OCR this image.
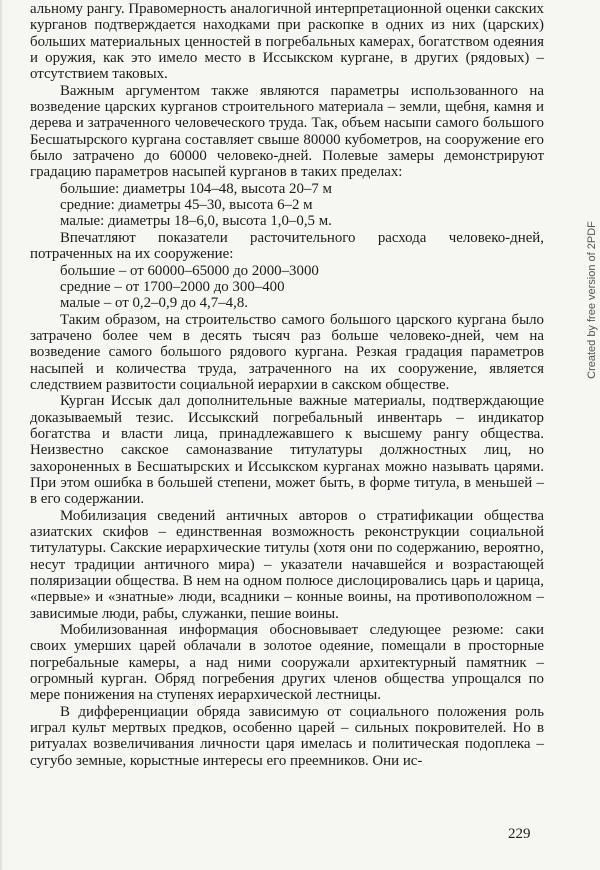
альному рангу. Правомерность аналогичной интерпретационной оценки сакских курганов подтверждается находками при раскопке в одних из них (царских) больших материальных ценностей в погребальных камерах, богатством одеяния и оружия, как это имело место в Иссыкском кургане, в других (рядовых) – отсутствием таковых.

Важным аргументом также являются параметры использованного на возведение царских курганов строительного материала – земли, щебня, камня и дерева и затраченного человеческого труда. Так, объем насыпи самого большого Бесшатырского кургана составляет свыше 80000 кубометров, на сооружение его было затрачено до 60000 человеко-дней. Полевые замеры демонстрируют градацию параметров насыпей курганов в таких пределах:

большие: диаметры 104–48, высота 20–7 м

средние: диаметры 45–30, высота 6–2 м

малые: диаметры 18–6,0, высота 1,0–0,5 м.

Впечатляют показатели расточительного расхода человеко-дней, потраченных на их сооружение:

большие – от 60000–65000 до 2000–3000

средние – от 1700–2000 до 300–400

малые – от 0,2–0,9 до 4,7–4,8.

Таким образом, на строительство самого большого царского кургана было затрачено более чем в десять тысяч раз больше человеко-дней, чем на возведение самого большого рядового кургана. Резкая градация параметров насыпей и количества труда, затраченного на их сооружение, является следствием развитости социальной иерархии в сакском обществе.

Курган Иссык дал дополнительные важные материалы, подтверждающие доказываемый тезис. Иссыкский погребальный инвентарь – индикатор богатства и власти лица, принадлежавшего к высшему рангу общества. Неизвестно сакское самоназвание титулатуры должностных лиц, но захороненных в Бесшатырских и Иссыкском курганах можно называть царями. При этом ошибка в большей степени, может быть, в форме титула, в меньшей – в его содержании.

Мобилизация сведений античных авторов о стратификации общества азиатских скифов – единственная возможность реконструкции социальной титулатуры. Сакские иерархические титулы (хотя они по содержанию, вероятно, несут традиции античного мира) – указатели начавшейся и возрастающей поляризации общества. В нем на одном полюсе дислоцировались царь и царица, «первые» и «знатные» люди, всадники – конные воины, на противоположном – зависимые люди, рабы, служанки, пешие воины.

Мобилизованная информация обосновывает следующее резюме: саки своих умерших царей облачали в золотое одеяние, помещали в просторные погребальные камеры, а над ними сооружали архитектурный памятник – огромный курган. Обряд погребения других членов общества упрощался по мере понижения на ступенях иерархической лестницы.

В дифференциации обряда зависимую от социального положения роль играл культ мертвых предков, особенно царей – сильных покровителей. Но в ритуалах возвеличивания личности царя имелась и политическая подоплека – сугубо земные, корыстные интересы его преемников. Они ис-

229
Created by free version of 2PDF
